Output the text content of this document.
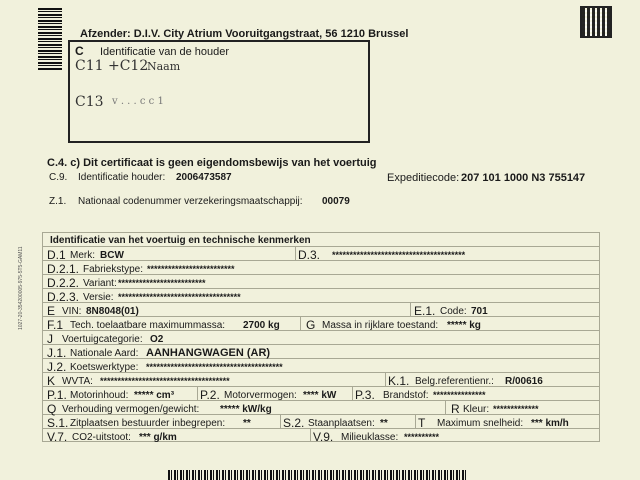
1027-20-354200005-975-5T5-GAM11
Afzender: D.I.V. City Atrium Vooruitgangstraat, 56 1210 Brussel
C Identificatie van de houder
C11 +C12
Naam
C13 v . . . c c 1
C.4. c) Dit certificaat is geen eigendomsbewijs van het voertuig
C.9. Identificatie houder: 2006473587	Expeditiecode: 207 101 1000 N3 755147
Z.1. Nationaal codenummer verzekeringsmaatschappij: 00079
Identificatie van het voertuig en technische kenmerken
D.1 Merk: BCW	D.3. **************************************
D.2.1. Fabriekstype: *************************
D.2.2. Variant: *************************
D.2.3. Versie: ***********************************
E VIN: 8N8048(01)	E.1. Code: 701
F.1 Tech. toelaatbare maximummassa: 2700 kg G Massa in rijklare toestand: ***** kg
J Voertuigcategorie: O2
J.1. Nationale Aard: AANHANGWAGEN (AR)
J.2. Koetswerktype: ***************************************
K WVTA: *************************************	K.1. Belg.referentienr.: R/00616
P.1. Motorinhoud: ***** cm³ P.2. Motorvermogen: **** kW P.3. Brandstof: ***************
Q Verhouding vermogen/gewicht: ***** kW/kg	R Kleur: *************
S.1. Zitplaatsen bestuurder inbegrepen: **	S.2. Staanplaatsen: **	T Maximum snelheid: *** km/h
V.7. CO2-uitstoot: *** g/km	V.9. Milieuklasse: **********
